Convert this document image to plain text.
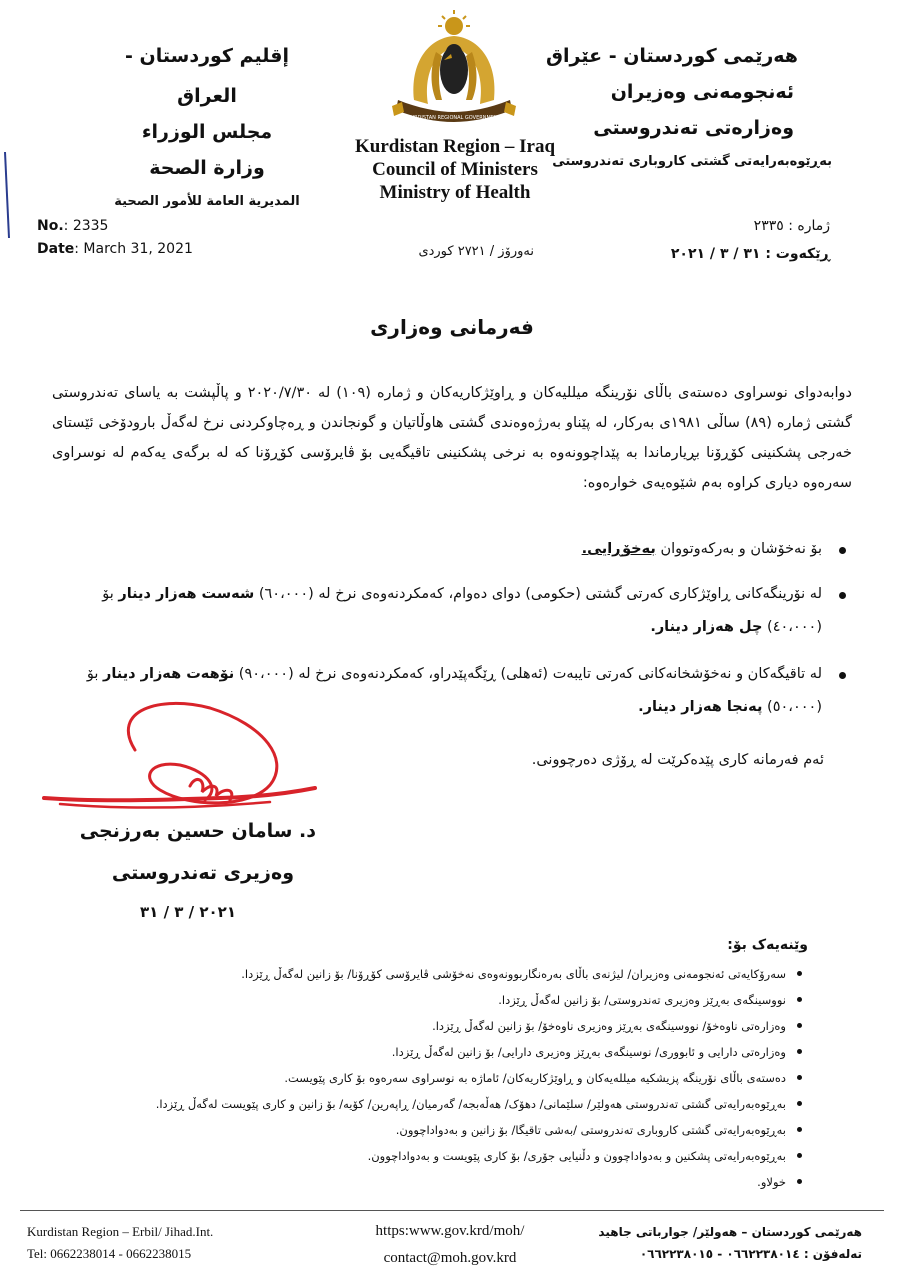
هەرێمی کوردستان - عێراق
ئەنجومەنی وەزیران
وەزارەتی تەندروستی
بەڕێوەبەرایەتی گشتی کاروباری تەندروستی
إقليم كوردستان - العراق
مجلس الوزراء
وزارة الصحة
المديرية العامة للأمور الصحية
KURDISTAN REGIONAL GOVERNMENT
Kurdistan Region – Iraq
Council of Ministers
Ministry of Health
No.: 2335
Date: March 31, 2021	نەورۆز / ٢٧٢١ کوردی
ژمارە : ٢٣٣٥
ڕێکەوت : ٣١ / ٣ / ٢٠٢١
فەرمانی وەزاری
دوابەدوای نوسراوی دەستەی باڵای نۆرینگە میللیەکان و ڕاوێژکاریەکان و ژمارە (١٠٩) لە ٢٠٢٠/٧/٣٠ و پاڵپشت بە یاسای تەندروستی گشتی ژمارە (٨٩) ساڵی ١٩٨١ی بەرکار، لە پێناو بەرژەوەندی گشتی هاوڵاتیان و گونجاندن و ڕەچاوکردنی نرخ لەگەڵ بارودۆخی ئێستای خەرجی پشکنینی کۆڕۆنا بڕیارماندا بە پێداچوونەوە بە نرخی پشکنینی تاقیگەیی بۆ ڤایرۆسی کۆڕۆنا کە لە برگەی یەکەم لە نوسراوی سەرەوە دیاری کراوە بەم شێوەیەی خوارەوە:
بۆ نەخۆشان و بەرکەوتووان بەخۆڕایی.
لە نۆرینگەکانی ڕاوێژکاری کەرتی گشتی (حکومی) دوای دەوام، کەمکردنەوەی نرخ لە (٦٠،٠٠٠) شەست هەزار دینار بۆ (٤٠،٠٠٠) چل هەزار دینار.
لە تاقیگەکان و نەخۆشخانەکانی کەرتی تایبەت (ئەهلی) ڕێگەپێدراو، کەمکردنەوەی نرخ لە (٩٠،٠٠٠) نۆهەت هەزار دینار بۆ (٥٠،٠٠٠) پەنجا هەزار دینار.
ئەم فەرمانە کاری پێدەکرێت لە ڕۆژی دەرچوونی.
د. سامان حسین بەرزنجی
وەزیری تەندروستی
٢٠٢١ / ٣ / ٣١
وێنەیەک بۆ:
سەرۆکایەتی ئەنجومەنی وەزیران/ لیژنەی باڵای بەرەنگاربوونەوەی نەخۆشی ڤایرۆسی کۆڕۆنا/ بۆ زانین لەگەڵ ڕێزدا.
نووسینگەی بەڕێز وەزیری تەندروستی/ بۆ زانین لەگەڵ ڕێزدا.
وەزارەتی ناوەخۆ/ نووسینگەی بەڕێز وەزیری ناوەخۆ/ بۆ زانین لەگەڵ ڕێزدا.
وەزارەتی دارایی و ئابووری/ نوسینگەی بەڕێز وەزیری دارایی/ بۆ زانین لەگەڵ ڕێزدا.
دەستەی باڵای نۆرینگە پزیشکیە میللەیەکان و ڕاوێژکاریەکان/ ئاماژە بە نوسراوی سەرەوە بۆ کاری پێویست.
بەڕێوەبەرایەتی گشتی تەندروستی هەولێر/ سلێمانی/ دهۆک/ هەڵەبجە/ گەرمیان/ ڕاپەرین/ کۆیە/ بۆ زانین و کاری پێویست لەگەڵ ڕێزدا.
بەڕێوەبەرایەتی گشتی کاروباری تەندروستی /بەشی تاقیگا/ بۆ زانین و بەدواداچوون.
بەڕێوەبەرایەتی پشکنین و بەدواداچوون و دڵنیایی جۆری/ بۆ کاری پێویست و بەدواداچوون.
خولاو.
Kurdistan Region – Erbil/ Jihad.Int.
Tel: 0662238014 - 0662238015
https:www.gov.krd/moh/
contact@moh.gov.krd
هەرێمی کوردستان – هەولێر/ جوارباتی جاهيد
تەلەفۆن : ٠٦٦٢٢٣٨٠١٤ - ٠٦٦٢٢٣٨٠١٥
